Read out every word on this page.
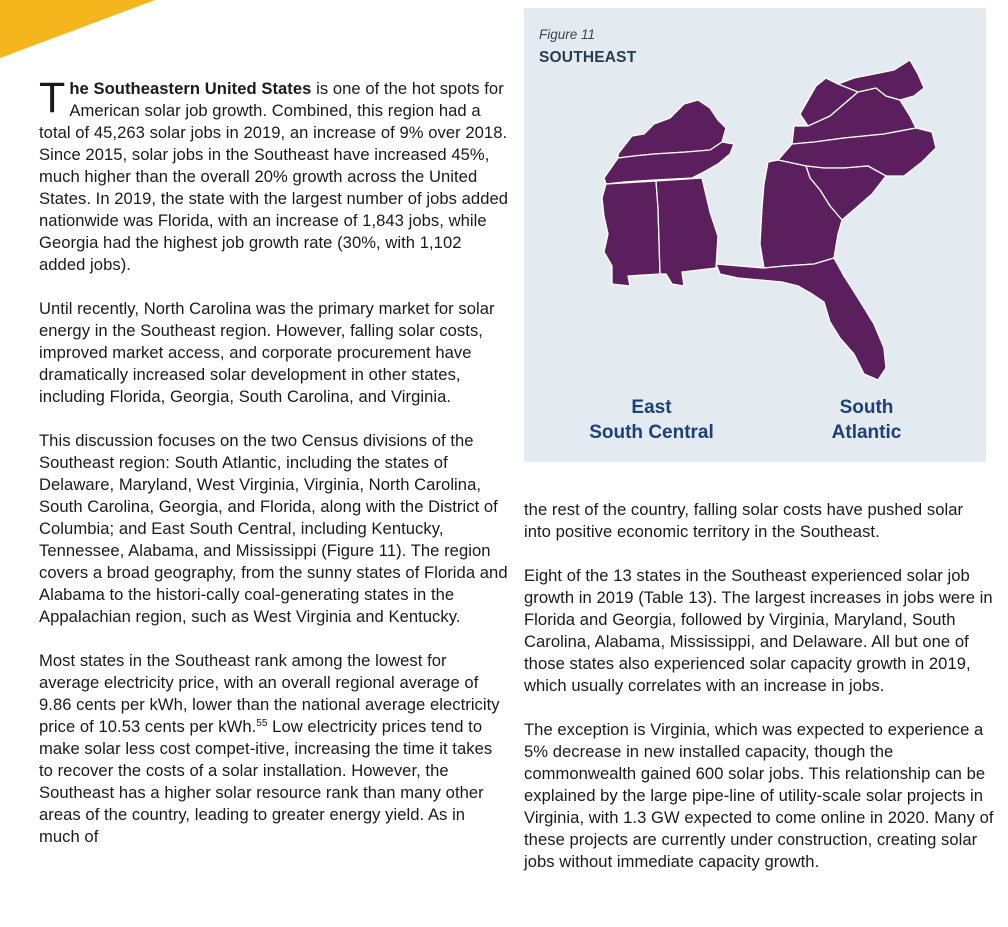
The Southeastern United States is one of the hot spots for American solar job growth. Combined, this region had a total of 45,263 solar jobs in 2019, an increase of 9% over 2018. Since 2015, solar jobs in the Southeast have increased 45%, much higher than the overall 20% growth across the United States. In 2019, the state with the largest number of jobs added nationwide was Florida, with an increase of 1,843 jobs, while Georgia had the highest job growth rate (30%, with 1,102 added jobs).

Until recently, North Carolina was the primary market for solar energy in the Southeast region. However, falling solar costs, improved market access, and corporate procurement have dramatically increased solar development in other states, including Florida, Georgia, South Carolina, and Virginia.

This discussion focuses on the two Census divisions of the Southeast region: South Atlantic, including the states of Delaware, Maryland, West Virginia, Virginia, North Carolina, South Carolina, Georgia, and Florida, along with the District of Columbia; and East South Central, including Kentucky, Tennessee, Alabama, and Mississippi (Figure 11). The region covers a broad geography, from the sunny states of Florida and Alabama to the histori-cally coal-generating states in the Appalachian region, such as West Virginia and Kentucky.

Most states in the Southeast rank among the lowest for average electricity price, with an overall regional average of 9.86 cents per kWh, lower than the national average electricity price of 10.53 cents per kWh.$^{55}$ Low electricity prices tend to make solar less cost compet-itive, increasing the time it takes to recover the costs of a solar installation. However, the Southeast has a higher solar resource rank than many other areas of the country, leading to greater energy yield. As in much of

Figure 11
SOUTHEAST
East
South Central
South
Atlantic

the rest of the country, falling solar costs have pushed solar into positive economic territory in the Southeast.

Eight of the 13 states in the Southeast experienced solar job growth in 2019 (Table 13). The largest increases in jobs were in Florida and Georgia, followed by Virginia, Maryland, South Carolina, Alabama, Mississippi, and Delaware. All but one of those states also experienced solar capacity growth in 2019, which usually correlates with an increase in jobs.

The exception is Virginia, which was expected to experience a 5% decrease in new installed capacity, though the commonwealth gained 600 solar jobs. This relationship can be explained by the large pipe-line of utility-scale solar projects in Virginia, with 1.3 GW expected to come online in 2020. Many of these projects are currently under construction, creating solar jobs without immediate capacity growth.
